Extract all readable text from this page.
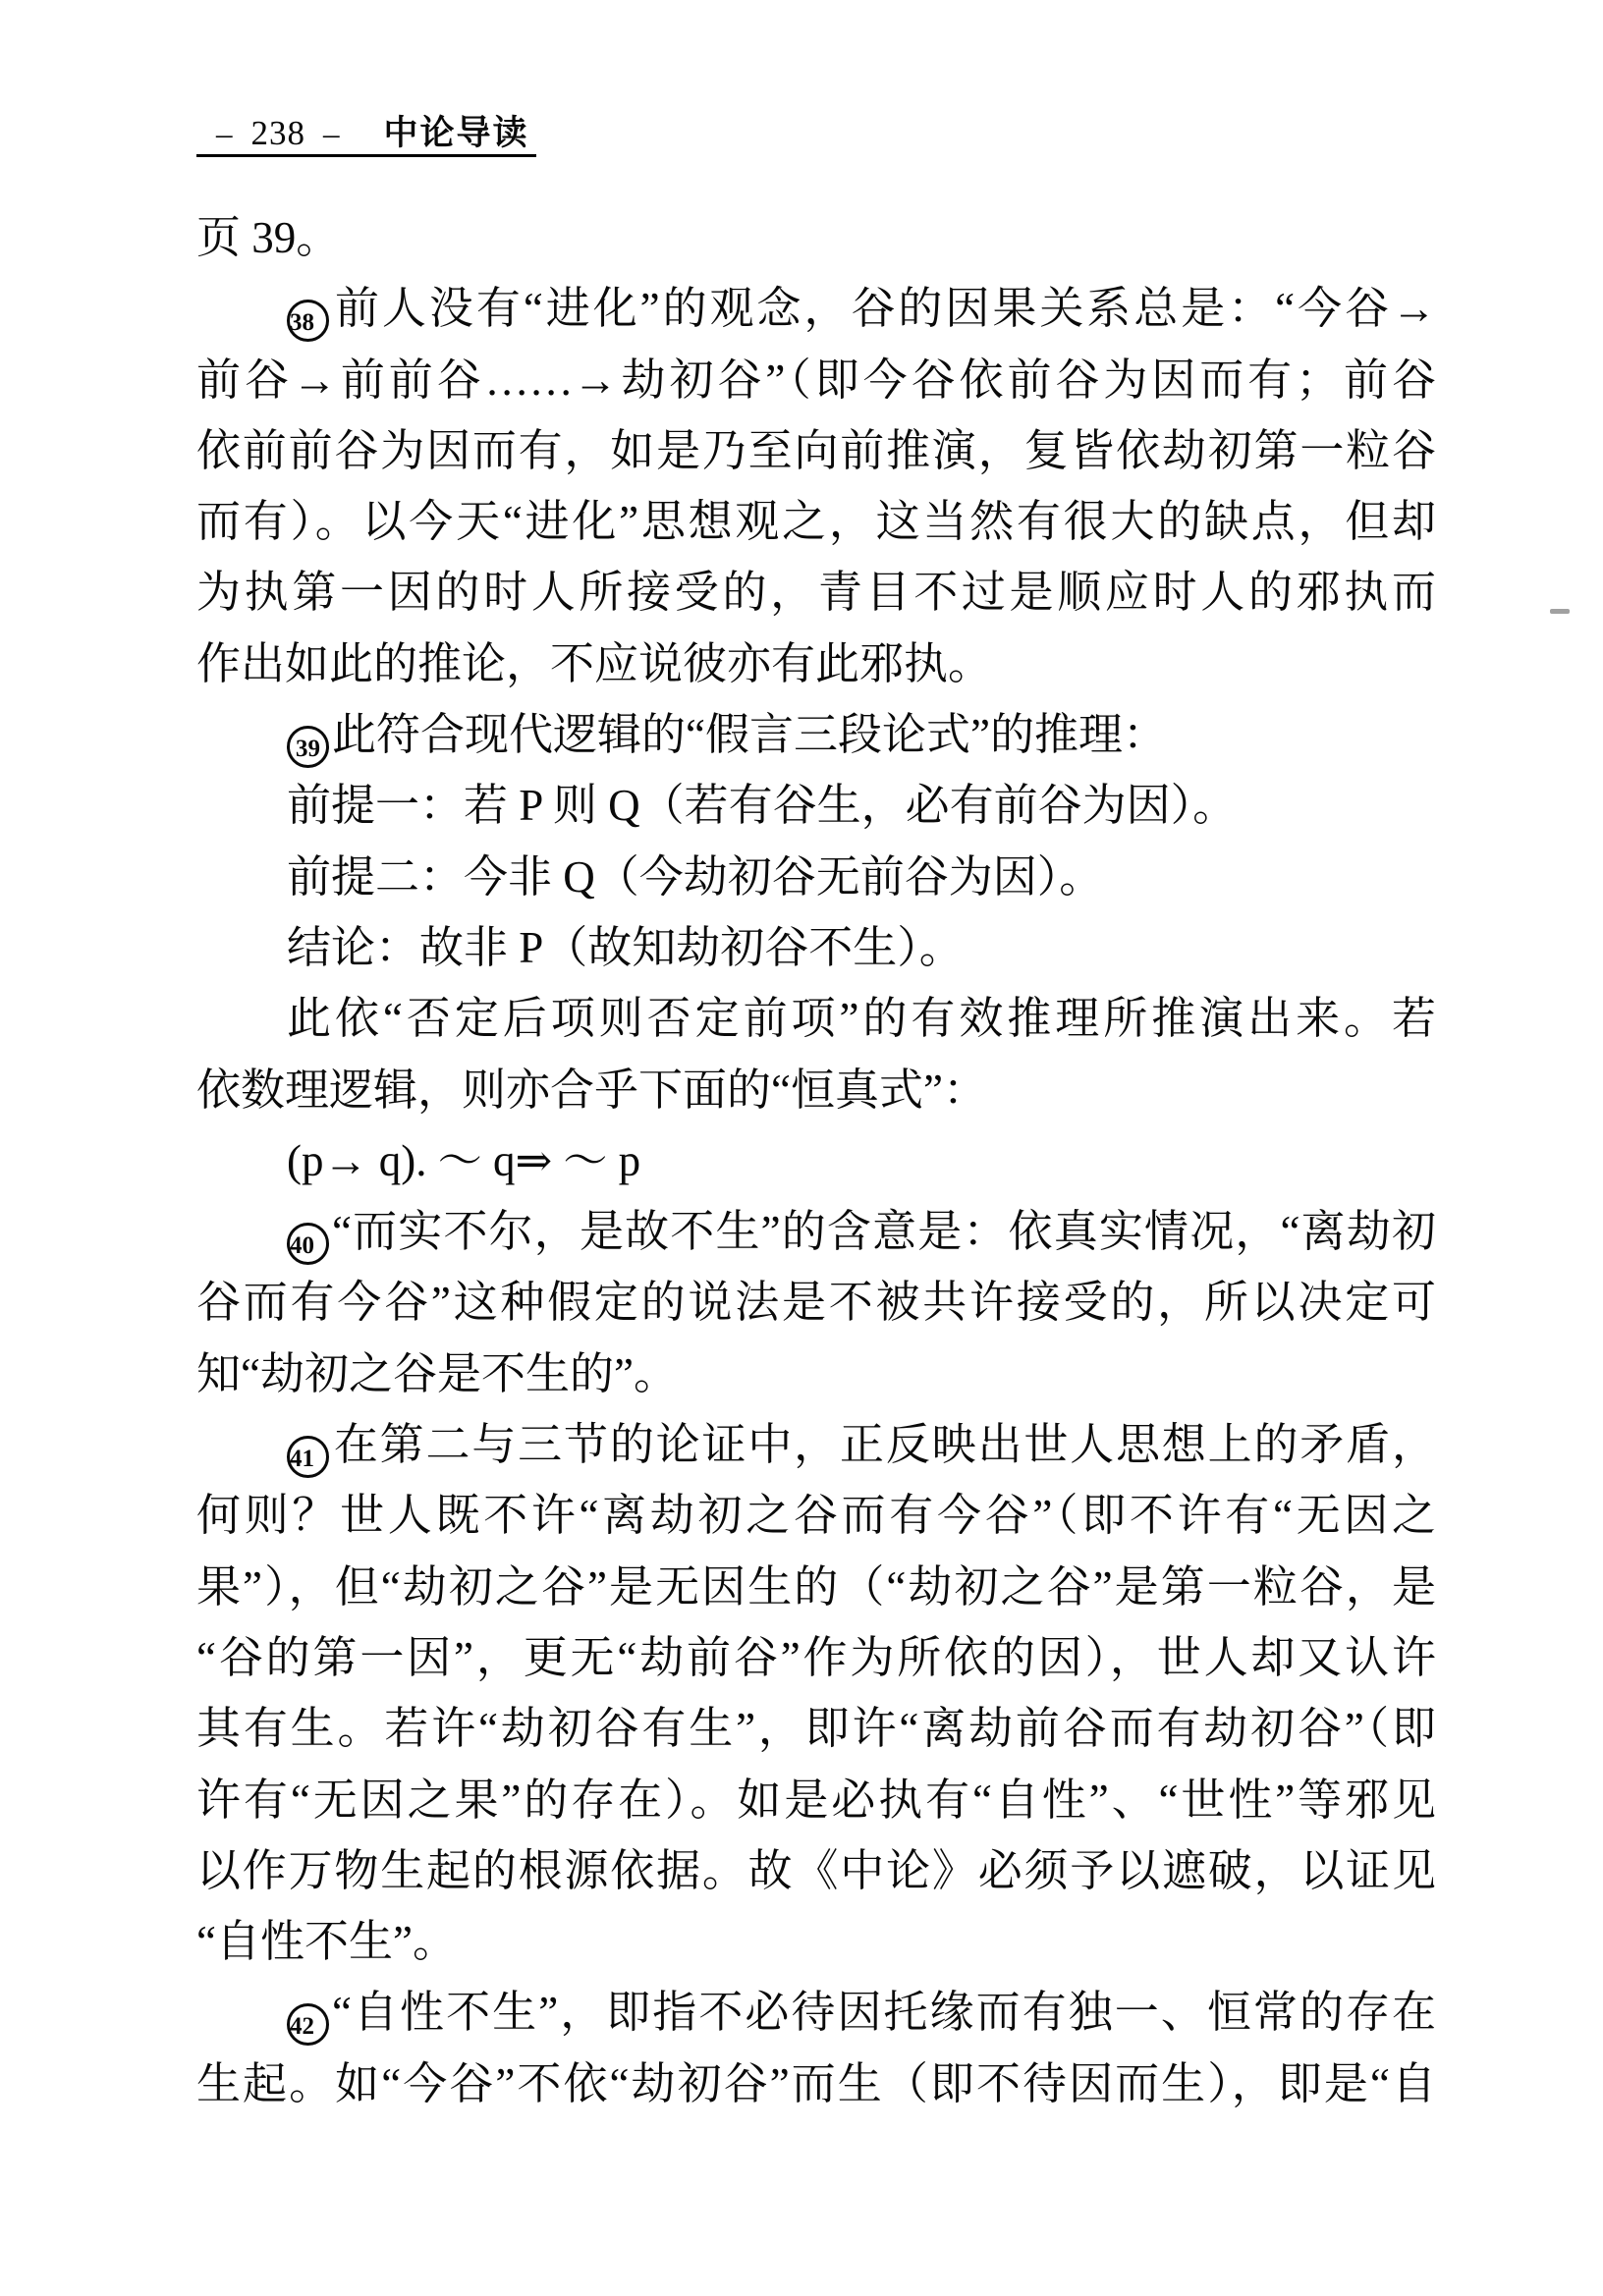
– 238 – 中论导读
页 39。
38 前人没有“进化”的观念，谷的因果关系总是：“今谷→
前谷→前前谷……→劫初谷”（即今谷依前谷为因而有；前谷
依前前谷为因而有，如是乃至向前推演，复皆依劫初第一粒谷
而有）。以今天“进化”思想观之，这当然有很大的缺点，但却
为执第一因的时人所接受的，青目不过是顺应时人的邪执而
作出如此的推论，不应说彼亦有此邪执。
39 此符合现代逻辑的“假言三段论式”的推理：
前提一：若 P 则 Q（若有谷生，必有前谷为因）。
前提二：今非 Q（今劫初谷无前谷为因）。
结论：故非 P（故知劫初谷不生）。
此依“否定后项则否定前项”的有效推理所推演出来。若
依数理逻辑，则亦合乎下面的“恒真式”：
(p→ q). ～ q⇒ ～ p
40 “而实不尔，是故不生”的含意是：依真实情况，“离劫初
谷而有今谷”这种假定的说法是不被共许接受的，所以决定可
知“劫初之谷是不生的”。
41 在第二与三节的论证中，正反映出世人思想上的矛盾，
何则？世人既不许“离劫初之谷而有今谷”（即不许有“无因之
果”），但“劫初之谷”是无因生的（“劫初之谷”是第一粒谷，是
“谷的第一因”，更无“劫前谷”作为所依的因），世人却又认许
其有生。若许“劫初谷有生”，即许“离劫前谷而有劫初谷”（即
许有“无因之果”的存在）。如是必执有“自性”、“世性”等邪见
以作万物生起的根源依据。故《中论》必须予以遮破，以证见
“自性不生”。
42 “自性不生”，即指不必待因托缘而有独一、恒常的存在
生起。如“今谷”不依“劫初谷”而生（即不待因而生），即是“自
